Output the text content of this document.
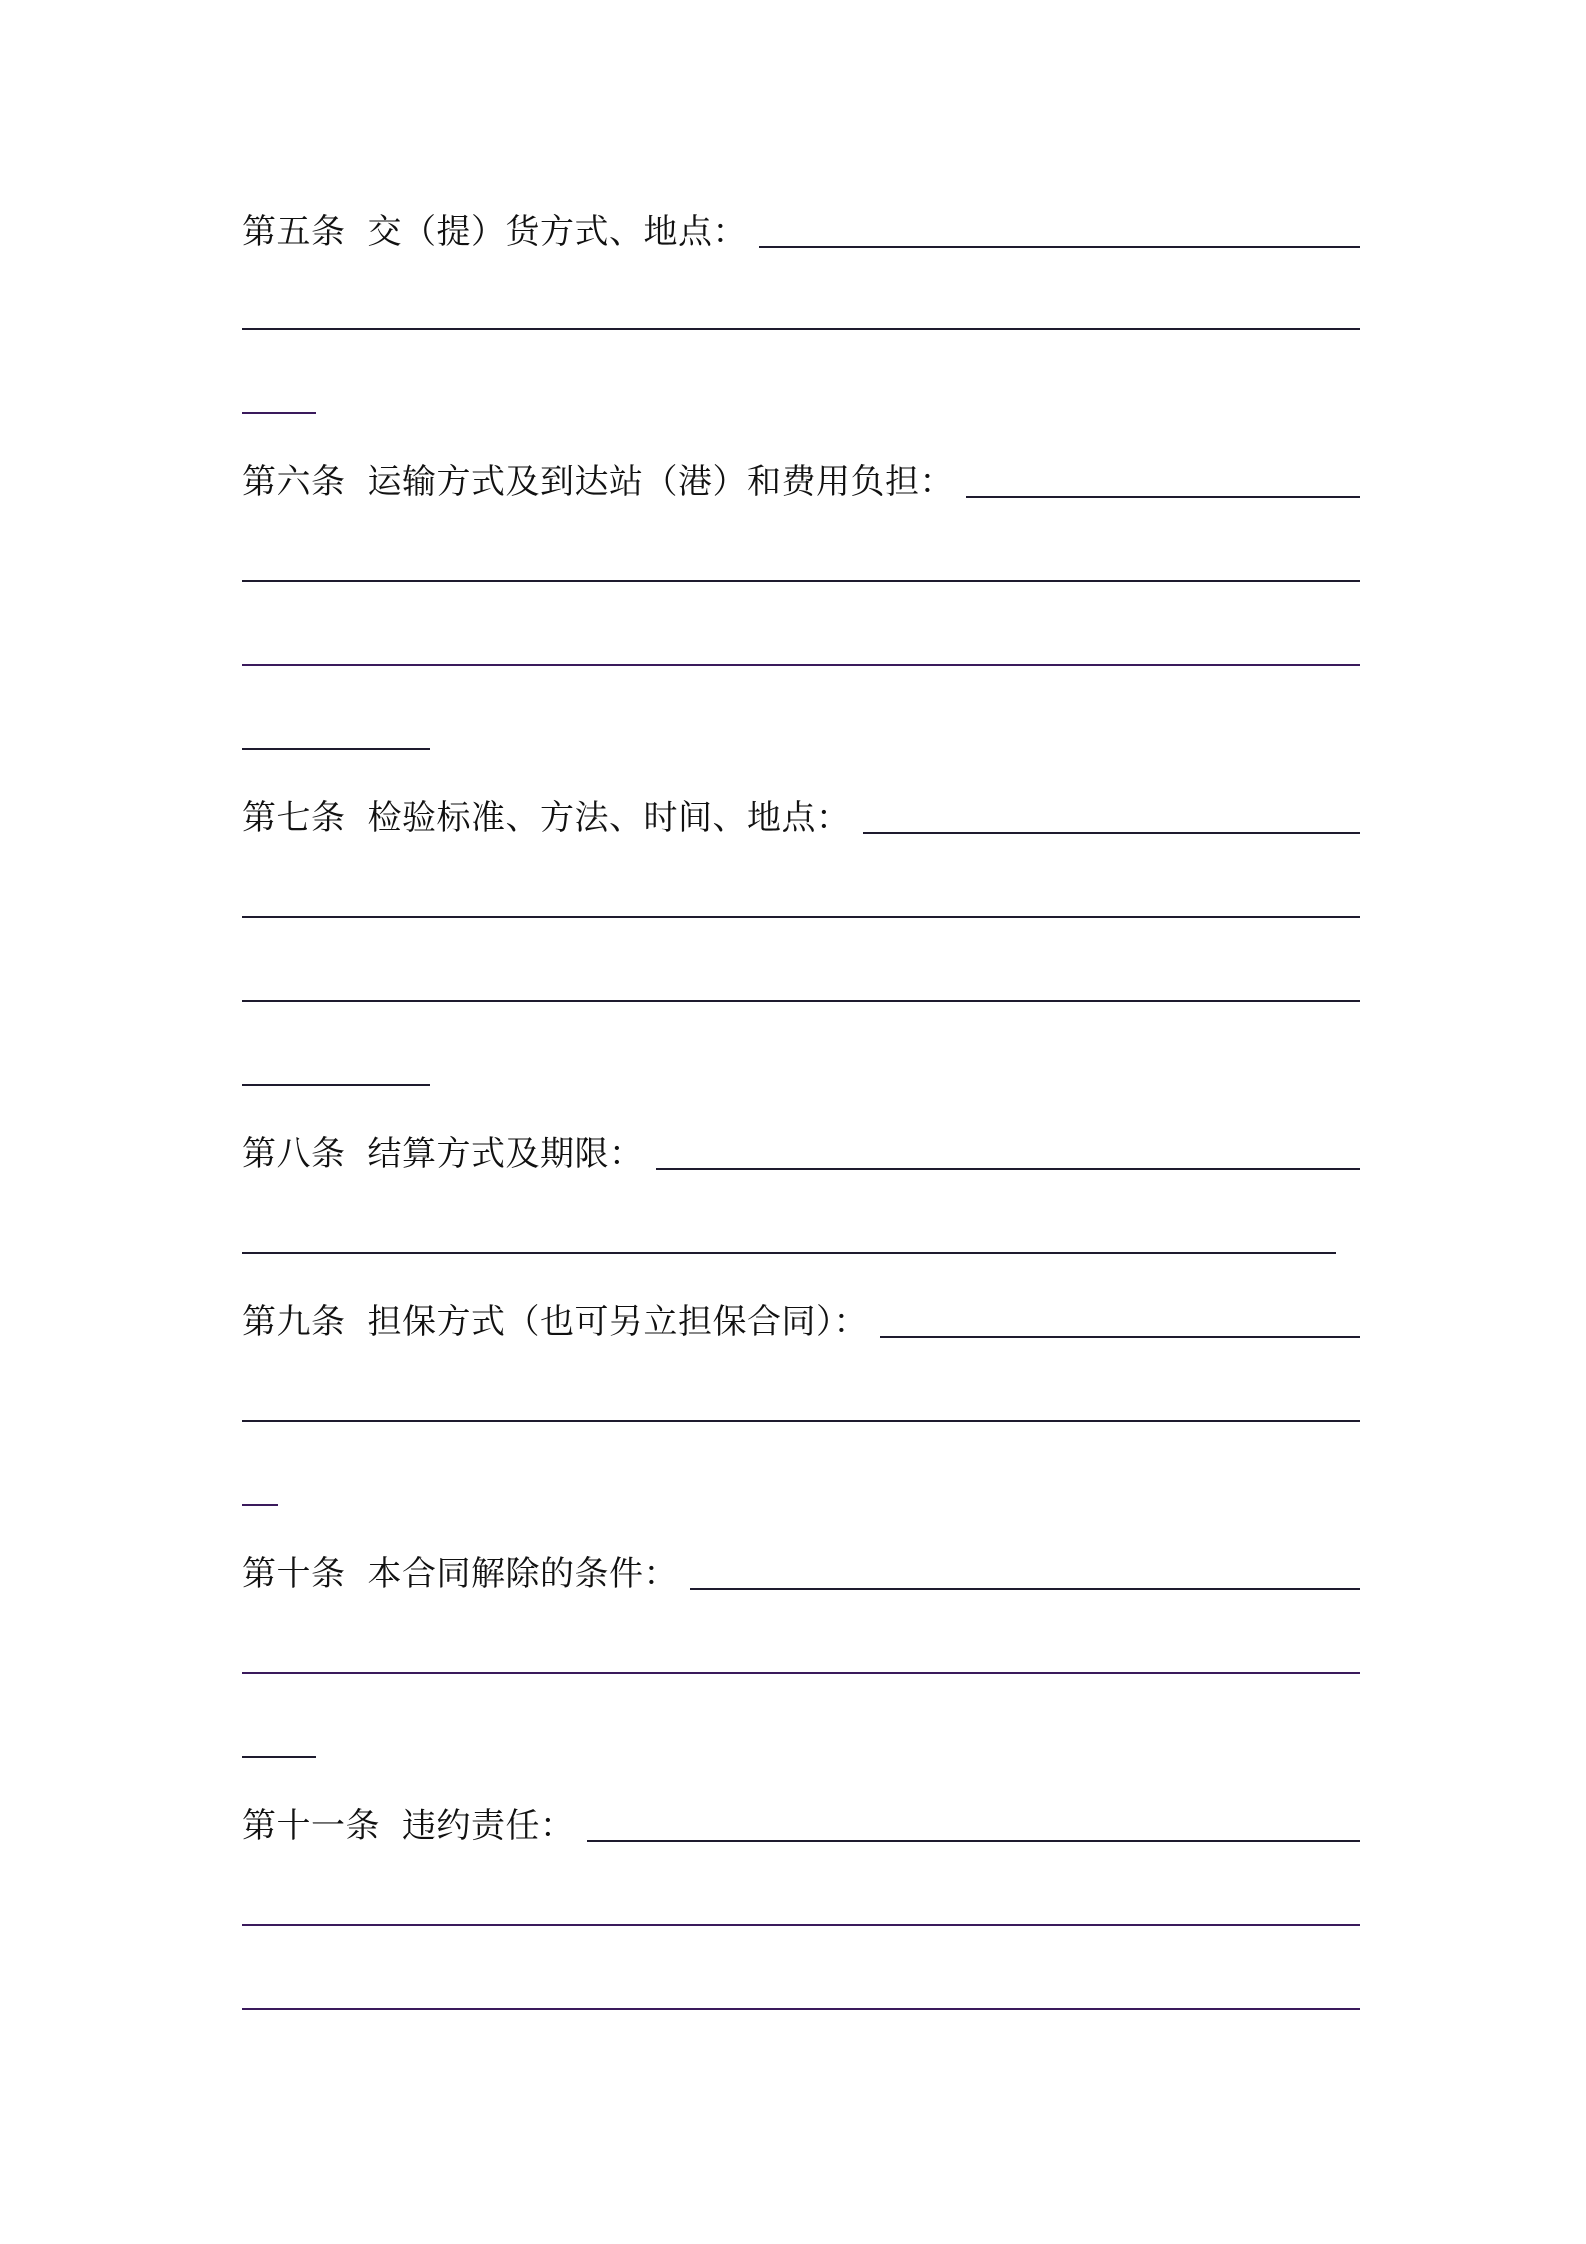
第五条 交（提）货方式、地点：
第六条 运输方式及到达站（港）和费用负担：
第七条 检验标准、方法、时间、地点：
第八条 结算方式及期限：
第九条 担保方式（也可另立担保合同）：
第十条 本合同解除的条件：
第十一条 违约责任：
